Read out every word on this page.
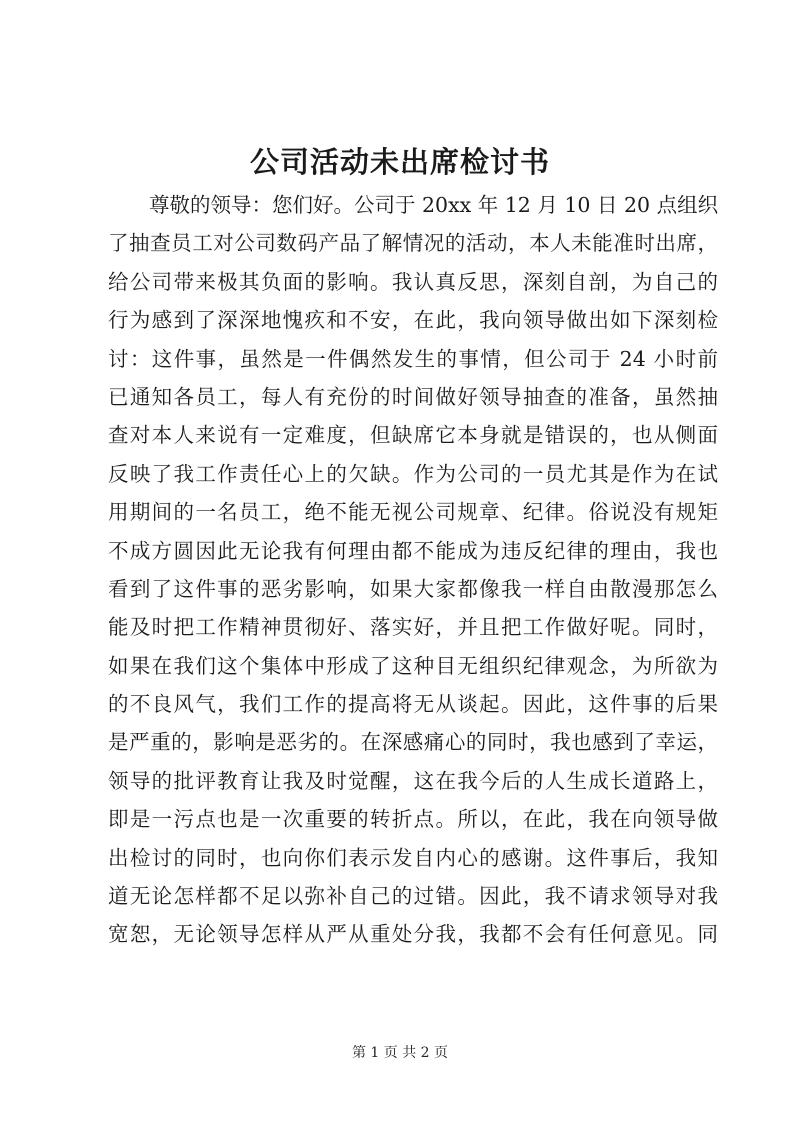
公司活动未出席检讨书
尊敬的领导：您们好。公司于 20xx 年 12 月 10 日 20 点组织
了抽查员工对公司数码产品了解情况的活动，本人未能准时出席，
给公司带来极其负面的影响。我认真反思，深刻自剖，为自己的
行为感到了深深地愧疚和不安，在此，我向领导做出如下深刻检
讨：这件事，虽然是一件偶然发生的事情，但公司于 24 小时前
已通知各员工，每人有充份的时间做好领导抽查的准备，虽然抽
查对本人来说有一定难度，但缺席它本身就是错误的，也从侧面
反映了我工作责任心上的欠缺。作为公司的一员尤其是作为在试
用期间的一名员工，绝不能无视公司规章、纪律。俗说没有规矩
不成方圆因此无论我有何理由都不能成为违反纪律的理由，我也
看到了这件事的恶劣影响，如果大家都像我一样自由散漫那怎么
能及时把工作精神贯彻好、落实好，并且把工作做好呢。同时，
如果在我们这个集体中形成了这种目无组织纪律观念，为所欲为
的不良风气，我们工作的提高将无从谈起。因此，这件事的后果
是严重的，影响是恶劣的。在深感痛心的同时，我也感到了幸运，
领导的批评教育让我及时觉醒，这在我今后的人生成长道路上，
即是一污点也是一次重要的转折点。所以，在此，我在向领导做
出检讨的同时，也向你们表示发自内心的感谢。这件事后，我知
道无论怎样都不足以弥补自己的过错。因此，我不请求领导对我
宽恕，无论领导怎样从严从重处分我，我都不会有任何意见。同
第 1 页 共 2 页
